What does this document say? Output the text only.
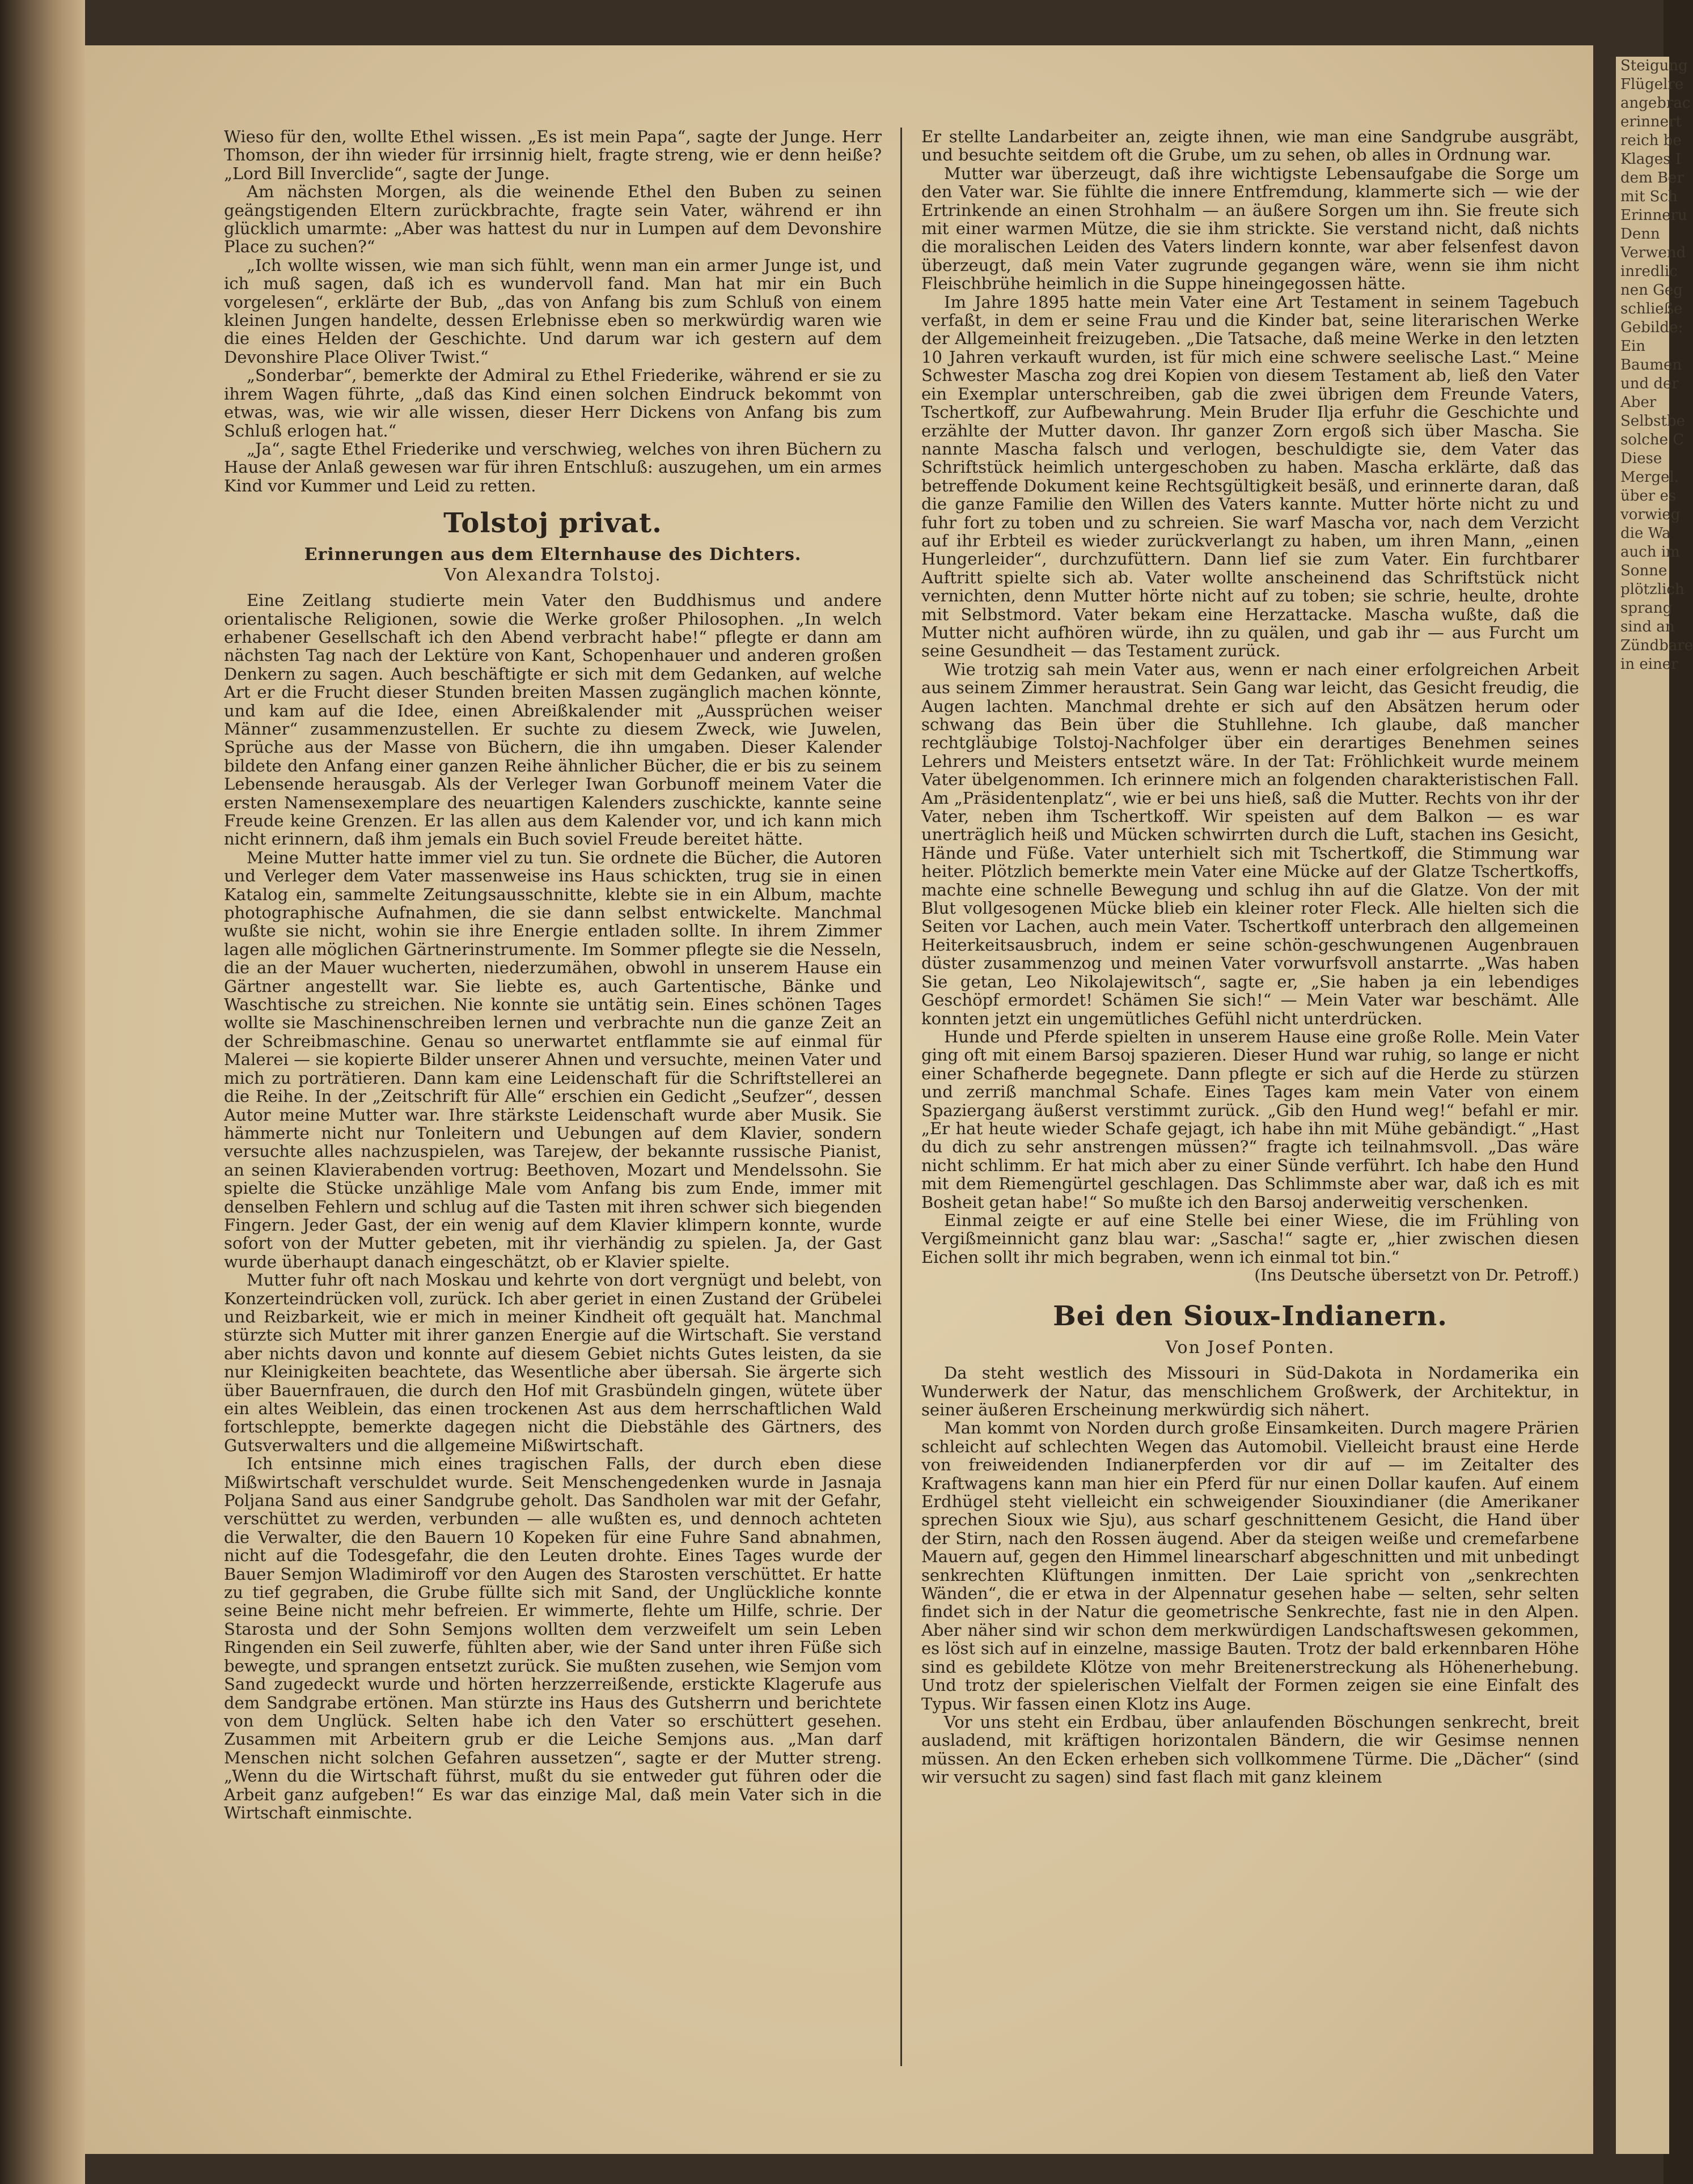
Wieso für den, wollte Ethel wissen. „Es ist mein Papa“, sagte der Junge. Herr Thomson, der ihn wieder für irrsinnig hielt, fragte streng, wie er denn heiße? „Lord Bill Inverclide“, sagte der Junge.

Am nächsten Morgen, als die weinende Ethel den Buben zu seinen geängstigenden Eltern zurückbrachte, fragte sein Vater, während er ihn glücklich umarmte: „Aber was hattest du nur in Lumpen auf dem Devonshire Place zu suchen?“

„Ich wollte wissen, wie man sich fühlt, wenn man ein armer Junge ist, und ich muß sagen, daß ich es wundervoll fand. Man hat mir ein Buch vorgelesen“, erklärte der Bub, „das von Anfang bis zum Schluß von einem kleinen Jungen handelte, dessen Erlebnisse eben so merkwürdig waren wie die eines Helden der Geschichte. Und darum war ich gestern auf dem Devonshire Place Oliver Twist.“

„Sonderbar“, bemerkte der Admiral zu Ethel Friederike, während er sie zu ihrem Wagen führte, „daß das Kind einen solchen Eindruck bekommt von etwas, was, wie wir alle wissen, dieser Herr Dickens von Anfang bis zum Schluß erlogen hat.“

„Ja“, sagte Ethel Friederike und verschwieg, welches von ihren Büchern zu Hause der Anlaß gewesen war für ihren Entschluß: auszugehen, um ein armes Kind vor Kummer und Leid zu retten.

Tolstoj privat.
Erinnerungen aus dem Elternhause des Dichters.
Von Alexandra Tolstoj.

Eine Zeitlang studierte mein Vater den Buddhismus und andere orientalische Religionen, sowie die Werke großer Philosophen. „In welch erhabener Gesellschaft ich den Abend verbracht habe!“ pflegte er dann am nächsten Tag nach der Lektüre von Kant, Schopenhauer und anderen großen Denkern zu sagen. Auch beschäftigte er sich mit dem Gedanken, auf welche Art er die Frucht dieser Stunden breiten Massen zugänglich machen könnte, und kam auf die Idee, einen Abreißkalender mit „Aussprüchen weiser Männer“ zusammenzustellen. Er suchte zu diesem Zweck, wie Juwelen, Sprüche aus der Masse von Büchern, die ihn umgaben. Dieser Kalender bildete den Anfang einer ganzen Reihe ähnlicher Bücher, die er bis zu seinem Lebensende herausgab. Als der Verleger Iwan Gorbunoff meinem Vater die ersten Namensexemplare des neuartigen Kalenders zuschickte, kannte seine Freude keine Grenzen. Er las allen aus dem Kalender vor, und ich kann mich nicht erinnern, daß ihm jemals ein Buch soviel Freude bereitet hätte.

Meine Mutter hatte immer viel zu tun. Sie ordnete die Bücher, die Autoren und Verleger dem Vater massenweise ins Haus schickten, trug sie in einen Katalog ein, sammelte Zeitungsausschnitte, klebte sie in ein Album, machte photographische Aufnahmen, die sie dann selbst entwickelte. Manchmal wußte sie nicht, wohin sie ihre Energie entladen sollte. In ihrem Zimmer lagen alle möglichen Gärtnerinstrumente. Im Sommer pflegte sie die Nesseln, die an der Mauer wucherten, niederzumähen, obwohl in unserem Hause ein Gärtner angestellt war. Sie liebte es, auch Gartentische, Bänke und Waschtische zu streichen. Nie konnte sie untätig sein. Eines schönen Tages wollte sie Maschinenschreiben lernen und verbrachte nun die ganze Zeit an der Schreibmaschine. Genau so unerwartet entflammte sie auf einmal für Malerei — sie kopierte Bilder unserer Ahnen und versuchte, meinen Vater und mich zu porträtieren. Dann kam eine Leidenschaft für die Schriftstellerei an die Reihe. In der „Zeitschrift für Alle“ erschien ein Gedicht „Seufzer“, dessen Autor meine Mutter war. Ihre stärkste Leidenschaft wurde aber Musik. Sie hämmerte nicht nur Tonleitern und Uebungen auf dem Klavier, sondern versuchte alles nachzuspielen, was Tarejew, der bekannte russische Pianist, an seinen Klavierabenden vortrug: Beethoven, Mozart und Mendelssohn. Sie spielte die Stücke unzählige Male vom Anfang bis zum Ende, immer mit denselben Fehlern und schlug auf die Tasten mit ihren schwer sich biegenden Fingern. Jeder Gast, der ein wenig auf dem Klavier klimpern konnte, wurde sofort von der Mutter gebeten, mit ihr vierhändig zu spielen. Ja, der Gast wurde überhaupt danach eingeschätzt, ob er Klavier spielte.

Mutter fuhr oft nach Moskau und kehrte von dort vergnügt und belebt, von Konzerteindrücken voll, zurück. Ich aber geriet in einen Zustand der Grübelei und Reizbarkeit, wie er mich in meiner Kindheit oft gequält hat. Manchmal stürzte sich Mutter mit ihrer ganzen Energie auf die Wirtschaft. Sie verstand aber nichts davon und konnte auf diesem Gebiet nichts Gutes leisten, da sie nur Kleinigkeiten beachtete, das Wesentliche aber übersah. Sie ärgerte sich über Bauernfrauen, die durch den Hof mit Grasbündeln gingen, wütete über ein altes Weiblein, das einen trockenen Ast aus dem herrschaftlichen Wald fortschleppte, bemerkte dagegen nicht die Diebstähle des Gärtners, des Gutsverwalters und die allgemeine Mißwirtschaft.

Ich entsinne mich eines tragischen Falls, der durch eben diese Mißwirtschaft verschuldet wurde. Seit Menschengedenken wurde in Jasnaja Poljana Sand aus einer Sandgrube geholt. Das Sandholen war mit der Gefahr, verschüttet zu werden, verbunden — alle wußten es, und dennoch achteten die Verwalter, die den Bauern 10 Kopeken für eine Fuhre Sand abnahmen, nicht auf die Todesgefahr, die den Leuten drohte. Eines Tages wurde der Bauer Semjon Wladimiroff vor den Augen des Starosten verschüttet. Er hatte zu tief gegraben, die Grube füllte sich mit Sand, der Unglückliche konnte seine Beine nicht mehr befreien. Er wimmerte, flehte um Hilfe, schrie. Der Starosta und der Sohn Semjons wollten dem verzweifelt um sein Leben Ringenden ein Seil zuwerfe, fühlten aber, wie der Sand unter ihren Füße sich bewegte, und sprangen entsetzt zurück. Sie mußten zusehen, wie Semjon vom Sand zugedeckt wurde und hörten herzzerreißende, erstickte Klagerufe aus dem Sandgrabe ertönen. Man stürzte ins Haus des Gutsherrn und berichtete von dem Unglück. Selten habe ich den Vater so erschüttert gesehen. Zusammen mit Arbeitern grub er die Leiche Semjons aus. „Man darf Menschen nicht solchen Gefahren aussetzen“, sagte er der Mutter streng. „Wenn du die Wirtschaft führst, mußt du sie entweder gut führen oder die Arbeit ganz aufgeben!“ Es war das einzige Mal, daß mein Vater sich in die Wirtschaft einmischte.

Er stellte Landarbeiter an, zeigte ihnen, wie man eine Sandgrube ausgräbt, und besuchte seitdem oft die Grube, um zu sehen, ob alles in Ordnung war.

Mutter war überzeugt, daß ihre wichtigste Lebensaufgabe die Sorge um den Vater war. Sie fühlte die innere Entfremdung, klammerte sich — wie der Ertrinkende an einen Strohhalm — an äußere Sorgen um ihn. Sie freute sich mit einer warmen Mütze, die sie ihm strickte. Sie verstand nicht, daß nichts die moralischen Leiden des Vaters lindern konnte, war aber felsenfest davon überzeugt, daß mein Vater zugrunde gegangen wäre, wenn sie ihm nicht Fleischbrühe heimlich in die Suppe hineingegossen hätte.

Im Jahre 1895 hatte mein Vater eine Art Testament in seinem Tagebuch verfaßt, in dem er seine Frau und die Kinder bat, seine literarischen Werke der Allgemeinheit freizugeben. „Die Tatsache, daß meine Werke in den letzten 10 Jahren verkauft wurden, ist für mich eine schwere seelische Last.“ Meine Schwester Mascha zog drei Kopien von diesem Testament ab, ließ den Vater ein Exemplar unterschreiben, gab die zwei übrigen dem Freunde Vaters, Tschertkoff, zur Aufbewahrung. Mein Bruder Ilja erfuhr die Geschichte und erzählte der Mutter davon. Ihr ganzer Zorn ergoß sich über Mascha. Sie nannte Mascha falsch und verlogen, beschuldigte sie, dem Vater das Schriftstück heimlich untergeschoben zu haben. Mascha erklärte, daß das betreffende Dokument keine Rechtsgültigkeit besäß, und erinnerte daran, daß die ganze Familie den Willen des Vaters kannte. Mutter hörte nicht zu und fuhr fort zu toben und zu schreien. Sie warf Mascha vor, nach dem Verzicht auf ihr Erbteil es wieder zurückverlangt zu haben, um ihren Mann, „einen Hungerleider“, durchzufüttern. Dann lief sie zum Vater. Ein furchtbarer Auftritt spielte sich ab. Vater wollte anscheinend das Schriftstück nicht vernichten, denn Mutter hörte nicht auf zu toben; sie schrie, heulte, drohte mit Selbstmord. Vater bekam eine Herzattacke. Mascha wußte, daß die Mutter nicht aufhören würde, ihn zu quälen, und gab ihr — aus Furcht um seine Gesundheit — das Testament zurück.

Wie trotzig sah mein Vater aus, wenn er nach einer erfolgreichen Arbeit aus seinem Zimmer heraustrat. Sein Gang war leicht, das Gesicht freudig, die Augen lachten. Manchmal drehte er sich auf den Absätzen herum oder schwang das Bein über die Stuhllehne. Ich glaube, daß mancher rechtgläubige Tolstoj-Nachfolger über ein derartiges Benehmen seines Lehrers und Meisters entsetzt wäre. In der Tat: Fröhlichkeit wurde meinem Vater übelgenommen. Ich erinnere mich an folgenden charakteristischen Fall. Am „Präsidentenplatz“, wie er bei uns hieß, saß die Mutter. Rechts von ihr der Vater, neben ihm Tschertkoff. Wir speisten auf dem Balkon — es war unerträglich heiß und Mücken schwirrten durch die Luft, stachen ins Gesicht, Hände und Füße. Vater unterhielt sich mit Tschertkoff, die Stimmung war heiter. Plötzlich bemerkte mein Vater eine Mücke auf der Glatze Tschertkoffs, machte eine schnelle Bewegung und schlug ihn auf die Glatze. Von der mit Blut vollgesogenen Mücke blieb ein kleiner roter Fleck. Alle hielten sich die Seiten vor Lachen, auch mein Vater. Tschertkoff unterbrach den allgemeinen Heiterkeitsausbruch, indem er seine schön-geschwungenen Augenbrauen düster zusammenzog und meinen Vater vorwurfsvoll anstarrte. „Was haben Sie getan, Leo Nikolajewitsch“, sagte er, „Sie haben ja ein lebendiges Geschöpf ermordet! Schämen Sie sich!“ — Mein Vater war beschämt. Alle konnten jetzt ein ungemütliches Gefühl nicht unterdrücken.

Hunde und Pferde spielten in unserem Hause eine große Rolle. Mein Vater ging oft mit einem Barsoj spazieren. Dieser Hund war ruhig, so lange er nicht einer Schafherde begegnete. Dann pflegte er sich auf die Herde zu stürzen und zerriß manchmal Schafe. Eines Tages kam mein Vater von einem Spaziergang äußerst verstimmt zurück. „Gib den Hund weg!“ befahl er mir. „Er hat heute wieder Schafe gejagt, ich habe ihn mit Mühe gebändigt.“ „Hast du dich zu sehr anstrengen müssen?“ fragte ich teilnahmsvoll. „Das wäre nicht schlimm. Er hat mich aber zu einer Sünde verführt. Ich habe den Hund mit dem Riemengürtel geschlagen. Das Schlimmste aber war, daß ich es mit Bosheit getan habe!“ So mußte ich den Barsoj anderweitig verschenken.

Einmal zeigte er auf eine Stelle bei einer Wiese, die im Frühling von Vergißmeinnicht ganz blau war: „Sascha!“ sagte er, „hier zwischen diesen Eichen sollt ihr mich begraben, wenn ich einmal tot bin.“

(Ins Deutsche übersetzt von Dr. Petroff.)
Bei den Sioux-Indianern.
Von Josef Ponten.

Da steht westlich des Missouri in Süd-Dakota in Nordamerika ein Wunderwerk der Natur, das menschlichem Großwerk, der Architektur, in seiner äußeren Erscheinung merkwürdig sich nähert.

Man kommt von Norden durch große Einsamkeiten. Durch magere Prärien schleicht auf schlechten Wegen das Automobil. Vielleicht braust eine Herde von freiweidenden Indianerpferden vor dir auf — im Zeitalter des Kraftwagens kann man hier ein Pferd für nur einen Dollar kaufen. Auf einem Erdhügel steht vielleicht ein schweigender Siouxindianer (die Amerikaner sprechen Sioux wie Sju), aus scharf geschnittenem Gesicht, die Hand über der Stirn, nach den Rossen äugend. Aber da steigen weiße und cremefarbene Mauern auf, gegen den Himmel linearscharf abgeschnitten und mit unbedingt senkrechten Klüftungen inmitten. Der Laie spricht von „senkrechten Wänden“, die er etwa in der Alpennatur gesehen habe — selten, sehr selten findet sich in der Natur die geometrische Senkrechte, fast nie in den Alpen. Aber näher sind wir schon dem merkwürdigen Landschaftswesen gekommen, es löst sich auf in einzelne, massige Bauten. Trotz der bald erkennbaren Höhe sind es gebildete Klötze von mehr Breitenerstreckung als Höhenerhebung. Und trotz der spielerischen Vielfalt der Formen zeigen sie eine Einfalt des Typus. Wir fassen einen Klotz ins Auge.

Vor uns steht ein Erdbau, über anlaufenden Böschungen senkrecht, breit ausladend, mit kräftigen horizontalen Bändern, die wir Gesimse nennen müssen. An den Ecken erheben sich vollkommene Türme. Die „Dächer“ (sind wir versucht zu sagen) sind fast flach mit ganz kleinem

Steigung
Flügelre
angebrac
erinnert
reich be
Klages I
dem Ber
mit Sch
Erinneru
Denn
Verwend
inredlic
nen Geg
schließe
Gebilde:
Ein
Baumen
und der
Aber
Selbstbe
solche C
Diese
Mergel.
über es
vorwieg
die Wa
auch im
Sonne
plötzlich
sprang
sind an
Zündbare
in einer
